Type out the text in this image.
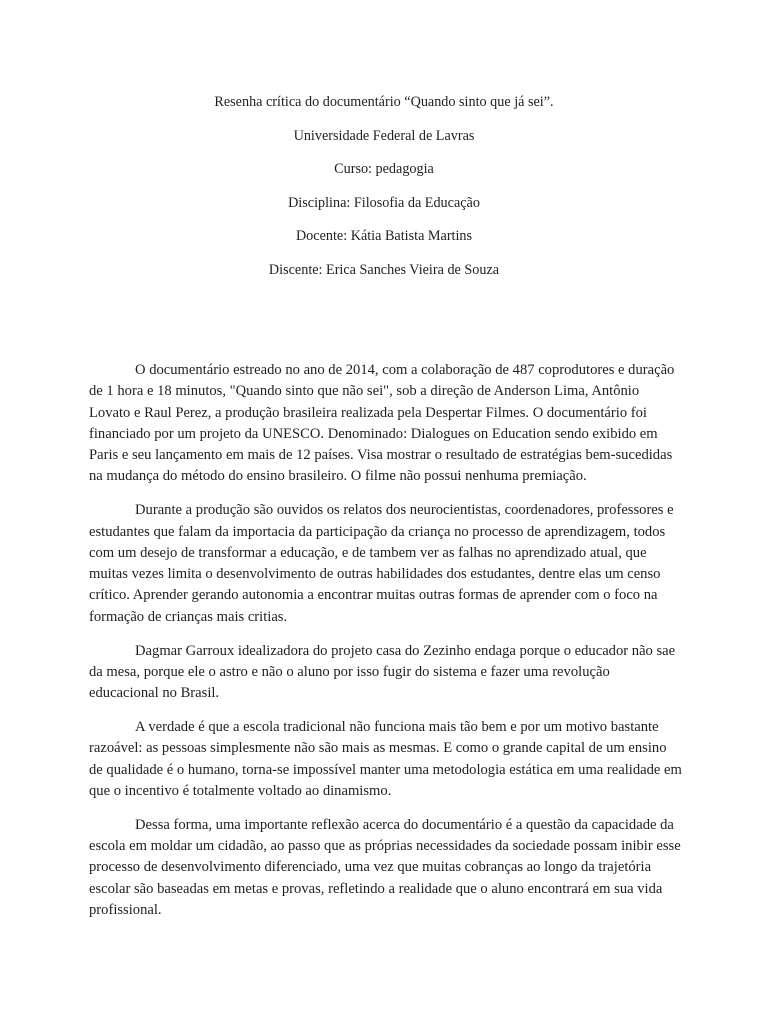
Resenha crítica do documentário “Quando sinto que já sei”.

Universidade Federal de Lavras

Curso: pedagogia

Disciplina: Filosofia da Educação

Docente: Kátia Batista Martins

Discente: Erica Sanches Vieira de Souza

O documentário estreado no ano de 2014, com a colaboração de 487 coprodutores e duração de 1 hora e 18 minutos, "Quando sinto que não sei", sob a direção de Anderson Lima, Antônio Lovato e Raul Perez, a produção brasileira realizada pela Despertar Filmes. O documentário foi financiado por um projeto da UNESCO. Denominado: Dialogues on Education sendo exibido em Paris e seu lançamento em mais de 12 países. Visa mostrar o resultado de estratégias bem-sucedidas na mudança do método do ensino brasileiro. O filme não possui nenhuma premiação.

Durante a produção são ouvidos os relatos dos neurocientistas, coordenadores, professores e estudantes que falam da importacia da participação da criança no processo de aprendizagem, todos com um desejo de transformar a educação, e de tambem ver as falhas no aprendizado atual, que muitas vezes limita o desenvolvimento de outras habilidades dos estudantes, dentre elas um censo crítico. Aprender gerando autonomia a encontrar muitas outras formas de aprender com o foco na formação de crianças mais critias.

Dagmar Garroux idealizadora do projeto casa do Zezinho endaga porque o educador não sae da mesa, porque ele o astro e não o aluno por isso fugir do sistema e fazer uma revolução educacional no Brasil.

A verdade é que a escola tradicional não funciona mais tão bem e por um motivo bastante razoável: as pessoas simplesmente não são mais as mesmas. E como o grande capital de um ensino de qualidade é o humano, torna-se impossível manter uma metodologia estática em uma realidade em que o incentivo é totalmente voltado ao dinamismo.

Dessa forma, uma importante reflexão acerca do documentário é a questão da capacidade da escola em moldar um cidadão, ao passo que as próprias necessidades da sociedade possam inibir esse processo de desenvolvimento diferenciado, uma vez que muitas cobranças ao longo da trajetória escolar são baseadas em metas e provas, refletindo a realidade que o aluno encontrará em sua vida profissional.
